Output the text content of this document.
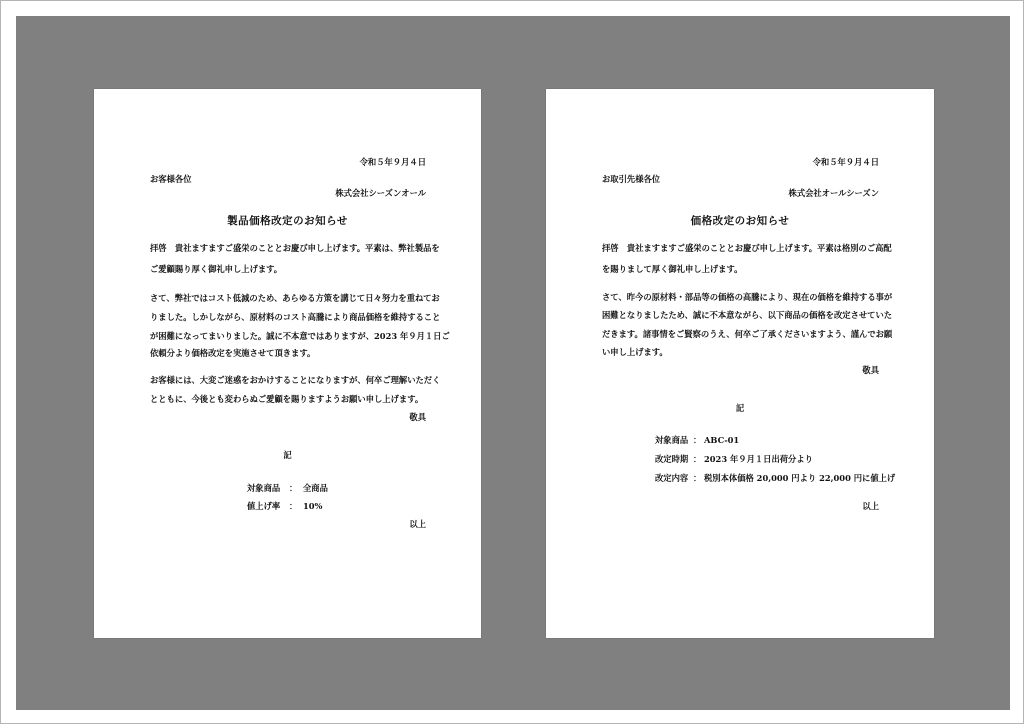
令和５年９月４日
お客様各位
株式会社シーズンオール
製品価格改定のお知らせ
拝啓　貴社ますますご盛栄のこととお慶び申し上げます。平素は、弊社製品を
ご愛顧賜り厚く御礼申し上げます。
さて、弊社ではコスト低減のため、あらゆる方策を講じて日々努力を重ねてお
りました。しかしながら、原材料のコスト高騰により商品価格を維持すること
が困難になってまいりました。誠に不本意ではありますが、2023 年９月１日ご
依頼分より価格改定を実施させて頂きます。
お客様には、大変ご迷惑をおかけすることになりますが、何卒ご理解いただく
とともに、今後とも変わらぬご愛顧を賜りますようお願い申し上げます。
敬具
記
対象商品 ： 全商品
値上げ率 ： 10%
以上
令和５年９月４日
お取引先様各位
株式会社オールシーズン
価格改定のお知らせ
拝啓　貴社ますますご盛栄のこととお慶び申し上げます。平素は格別のご高配
を賜りまして厚く御礼申し上げます。
さて、昨今の原材料・部品等の価格の高騰により、現在の価格を維持する事が
困難となりましたため、誠に不本意ながら、以下商品の価格を改定させていた
だきます。諸事情をご賢察のうえ、何卒ご了承くださいますよう、謹んでお願
い申し上げます。
敬具
記
対象商品 ： ABC-01
改定時期 ： 2023 年９月１日出荷分より
改定内容 ： 税別本体価格 20,000 円より 22,000 円に値上げ
以上
